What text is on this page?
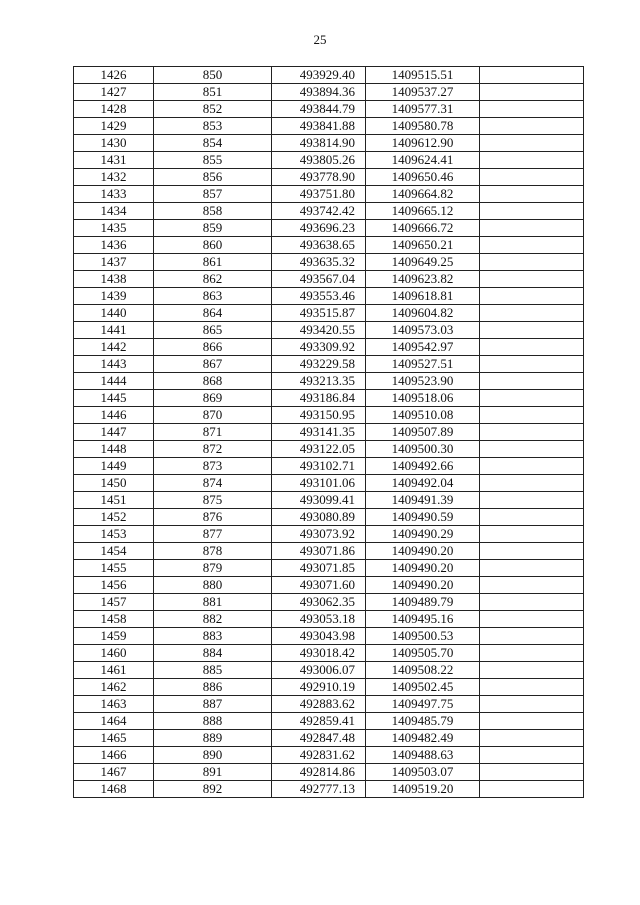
25
1426	850	493929.40	1409515.51	
1427	851	493894.36	1409537.27	
1428	852	493844.79	1409577.31	
1429	853	493841.88	1409580.78	
1430	854	493814.90	1409612.90	
1431	855	493805.26	1409624.41	
1432	856	493778.90	1409650.46	
1433	857	493751.80	1409664.82	
1434	858	493742.42	1409665.12	
1435	859	493696.23	1409666.72	
1436	860	493638.65	1409650.21	
1437	861	493635.32	1409649.25	
1438	862	493567.04	1409623.82	
1439	863	493553.46	1409618.81	
1440	864	493515.87	1409604.82	
1441	865	493420.55	1409573.03	
1442	866	493309.92	1409542.97	
1443	867	493229.58	1409527.51	
1444	868	493213.35	1409523.90	
1445	869	493186.84	1409518.06	
1446	870	493150.95	1409510.08	
1447	871	493141.35	1409507.89	
1448	872	493122.05	1409500.30	
1449	873	493102.71	1409492.66	
1450	874	493101.06	1409492.04	
1451	875	493099.41	1409491.39	
1452	876	493080.89	1409490.59	
1453	877	493073.92	1409490.29	
1454	878	493071.86	1409490.20	
1455	879	493071.85	1409490.20	
1456	880	493071.60	1409490.20	
1457	881	493062.35	1409489.79	
1458	882	493053.18	1409495.16	
1459	883	493043.98	1409500.53	
1460	884	493018.42	1409505.70	
1461	885	493006.07	1409508.22	
1462	886	492910.19	1409502.45	
1463	887	492883.62	1409497.75	
1464	888	492859.41	1409485.79	
1465	889	492847.48	1409482.49	
1466	890	492831.62	1409488.63	
1467	891	492814.86	1409503.07	
1468	892	492777.13	1409519.20	
